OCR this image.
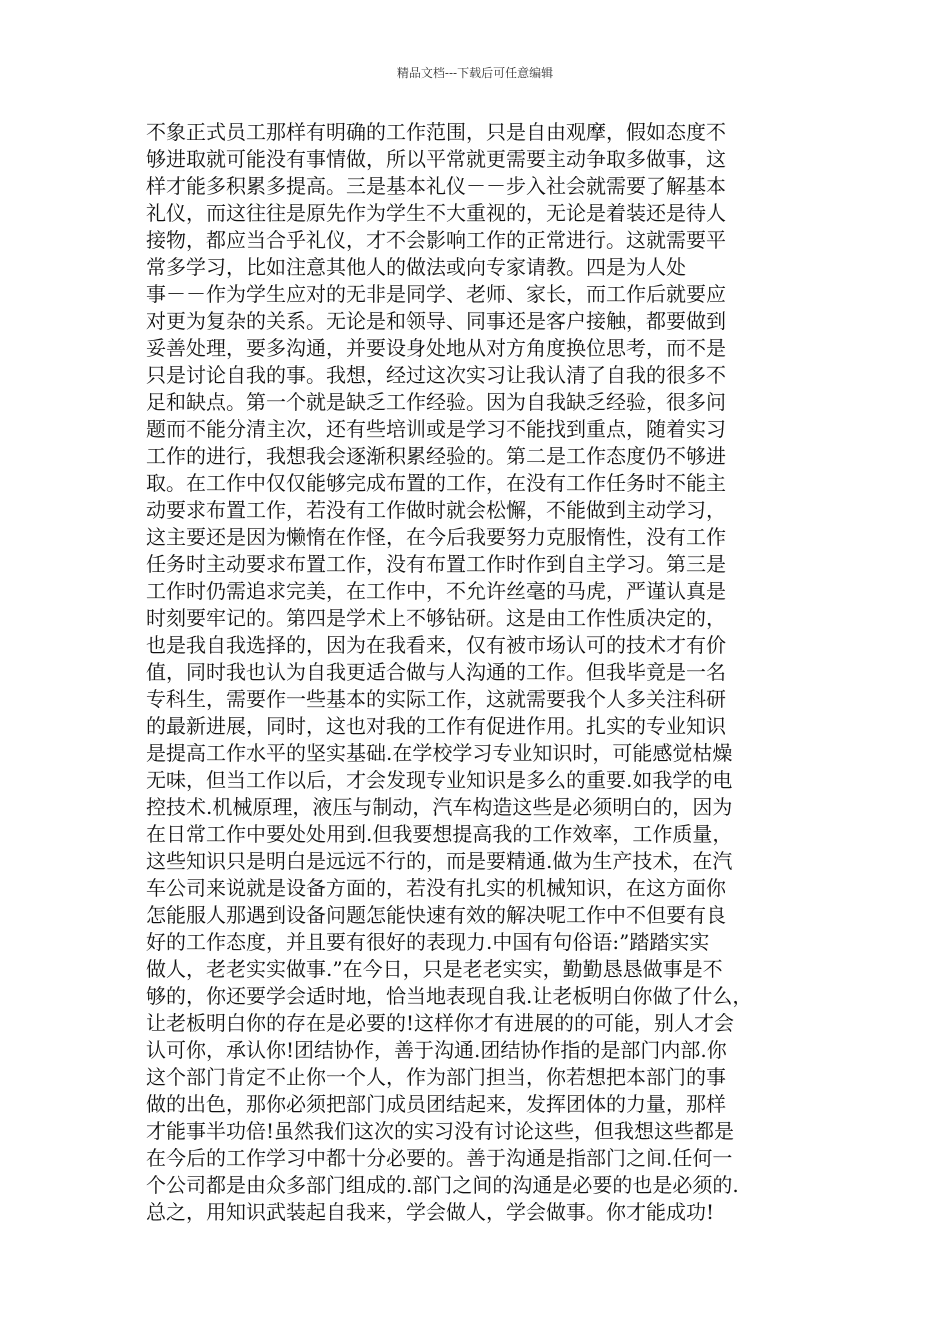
精品文档---下载后可任意编辑
不象正式员工那样有明确的工作范围，只是自由观摩，假如态度不
够进取就可能没有事情做，所以平常就更需要主动争取多做事，这
样才能多积累多提高。三是基本礼仪－－步入社会就需要了解基本
礼仪，而这往往是原先作为学生不大重视的，无论是着装还是待人
接物，都应当合乎礼仪，才不会影响工作的正常进行。这就需要平
常多学习，比如注意其他人的做法或向专家请教。四是为人处
事－－作为学生应对的无非是同学、老师、家长，而工作后就要应
对更为复杂的关系。无论是和领导、同事还是客户接触，都要做到
妥善处理，要多沟通，并要设身处地从对方角度换位思考，而不是
只是讨论自我的事。我想，经过这次实习让我认清了自我的很多不
足和缺点。第一个就是缺乏工作经验。因为自我缺乏经验，很多问
题而不能分清主次，还有些培训或是学习不能找到重点，随着实习
工作的进行，我想我会逐渐积累经验的。第二是工作态度仍不够进
取。在工作中仅仅能够完成布置的工作，在没有工作任务时不能主
动要求布置工作，若没有工作做时就会松懈，不能做到主动学习，
这主要还是因为懒惰在作怪，在今后我要努力克服惰性，没有工作
任务时主动要求布置工作，没有布置工作时作到自主学习。第三是
工作时仍需追求完美，在工作中，不允许丝毫的马虎，严谨认真是
时刻要牢记的。第四是学术上不够钻研。这是由工作性质决定的，
也是我自我选择的，因为在我看来，仅有被市场认可的技术才有价
值，同时我也认为自我更适合做与人沟通的工作。但我毕竟是一名
专科生，需要作一些基本的实际工作，这就需要我个人多关注科研
的最新进展，同时，这也对我的工作有促进作用。扎实的专业知识
是提高工作水平的坚实基础.在学校学习专业知识时，可能感觉枯燥
无味，但当工作以后，才会发现专业知识是多么的重要.如我学的电
控技术.机械原理，液压与制动，汽车构造这些是必须明白的，因为
在日常工作中要处处用到.但我要想提高我的工作效率，工作质量，
这些知识只是明白是远远不行的，而是要精通.做为生产技术，在汽
车公司来说就是设备方面的，若没有扎实的机械知识，在这方面你
怎能服人那遇到设备问题怎能快速有效的解决呢工作中不但要有良
好的工作态度，并且要有很好的表现力.中国有句俗语:”踏踏实实
做人，老老实实做事.”在今日，只是老老实实，勤勤恳恳做事是不
够的，你还要学会适时地，恰当地表现自我.让老板明白你做了什么，
让老板明白你的存在是必要的!这样你才有进展的的可能，别人才会
认可你，承认你!团结协作，善于沟通.团结协作指的是部门内部.你
这个部门肯定不止你一个人，作为部门担当，你若想把本部门的事
做的出色，那你必须把部门成员团结起来，发挥团体的力量，那样
才能事半功倍!虽然我们这次的实习没有讨论这些，但我想这些都是
在今后的工作学习中都十分必要的。善于沟通是指部门之间.任何一
个公司都是由众多部门组成的.部门之间的沟通是必要的也是必须的.
总之，用知识武装起自我来，学会做人，学会做事。你才能成功!
